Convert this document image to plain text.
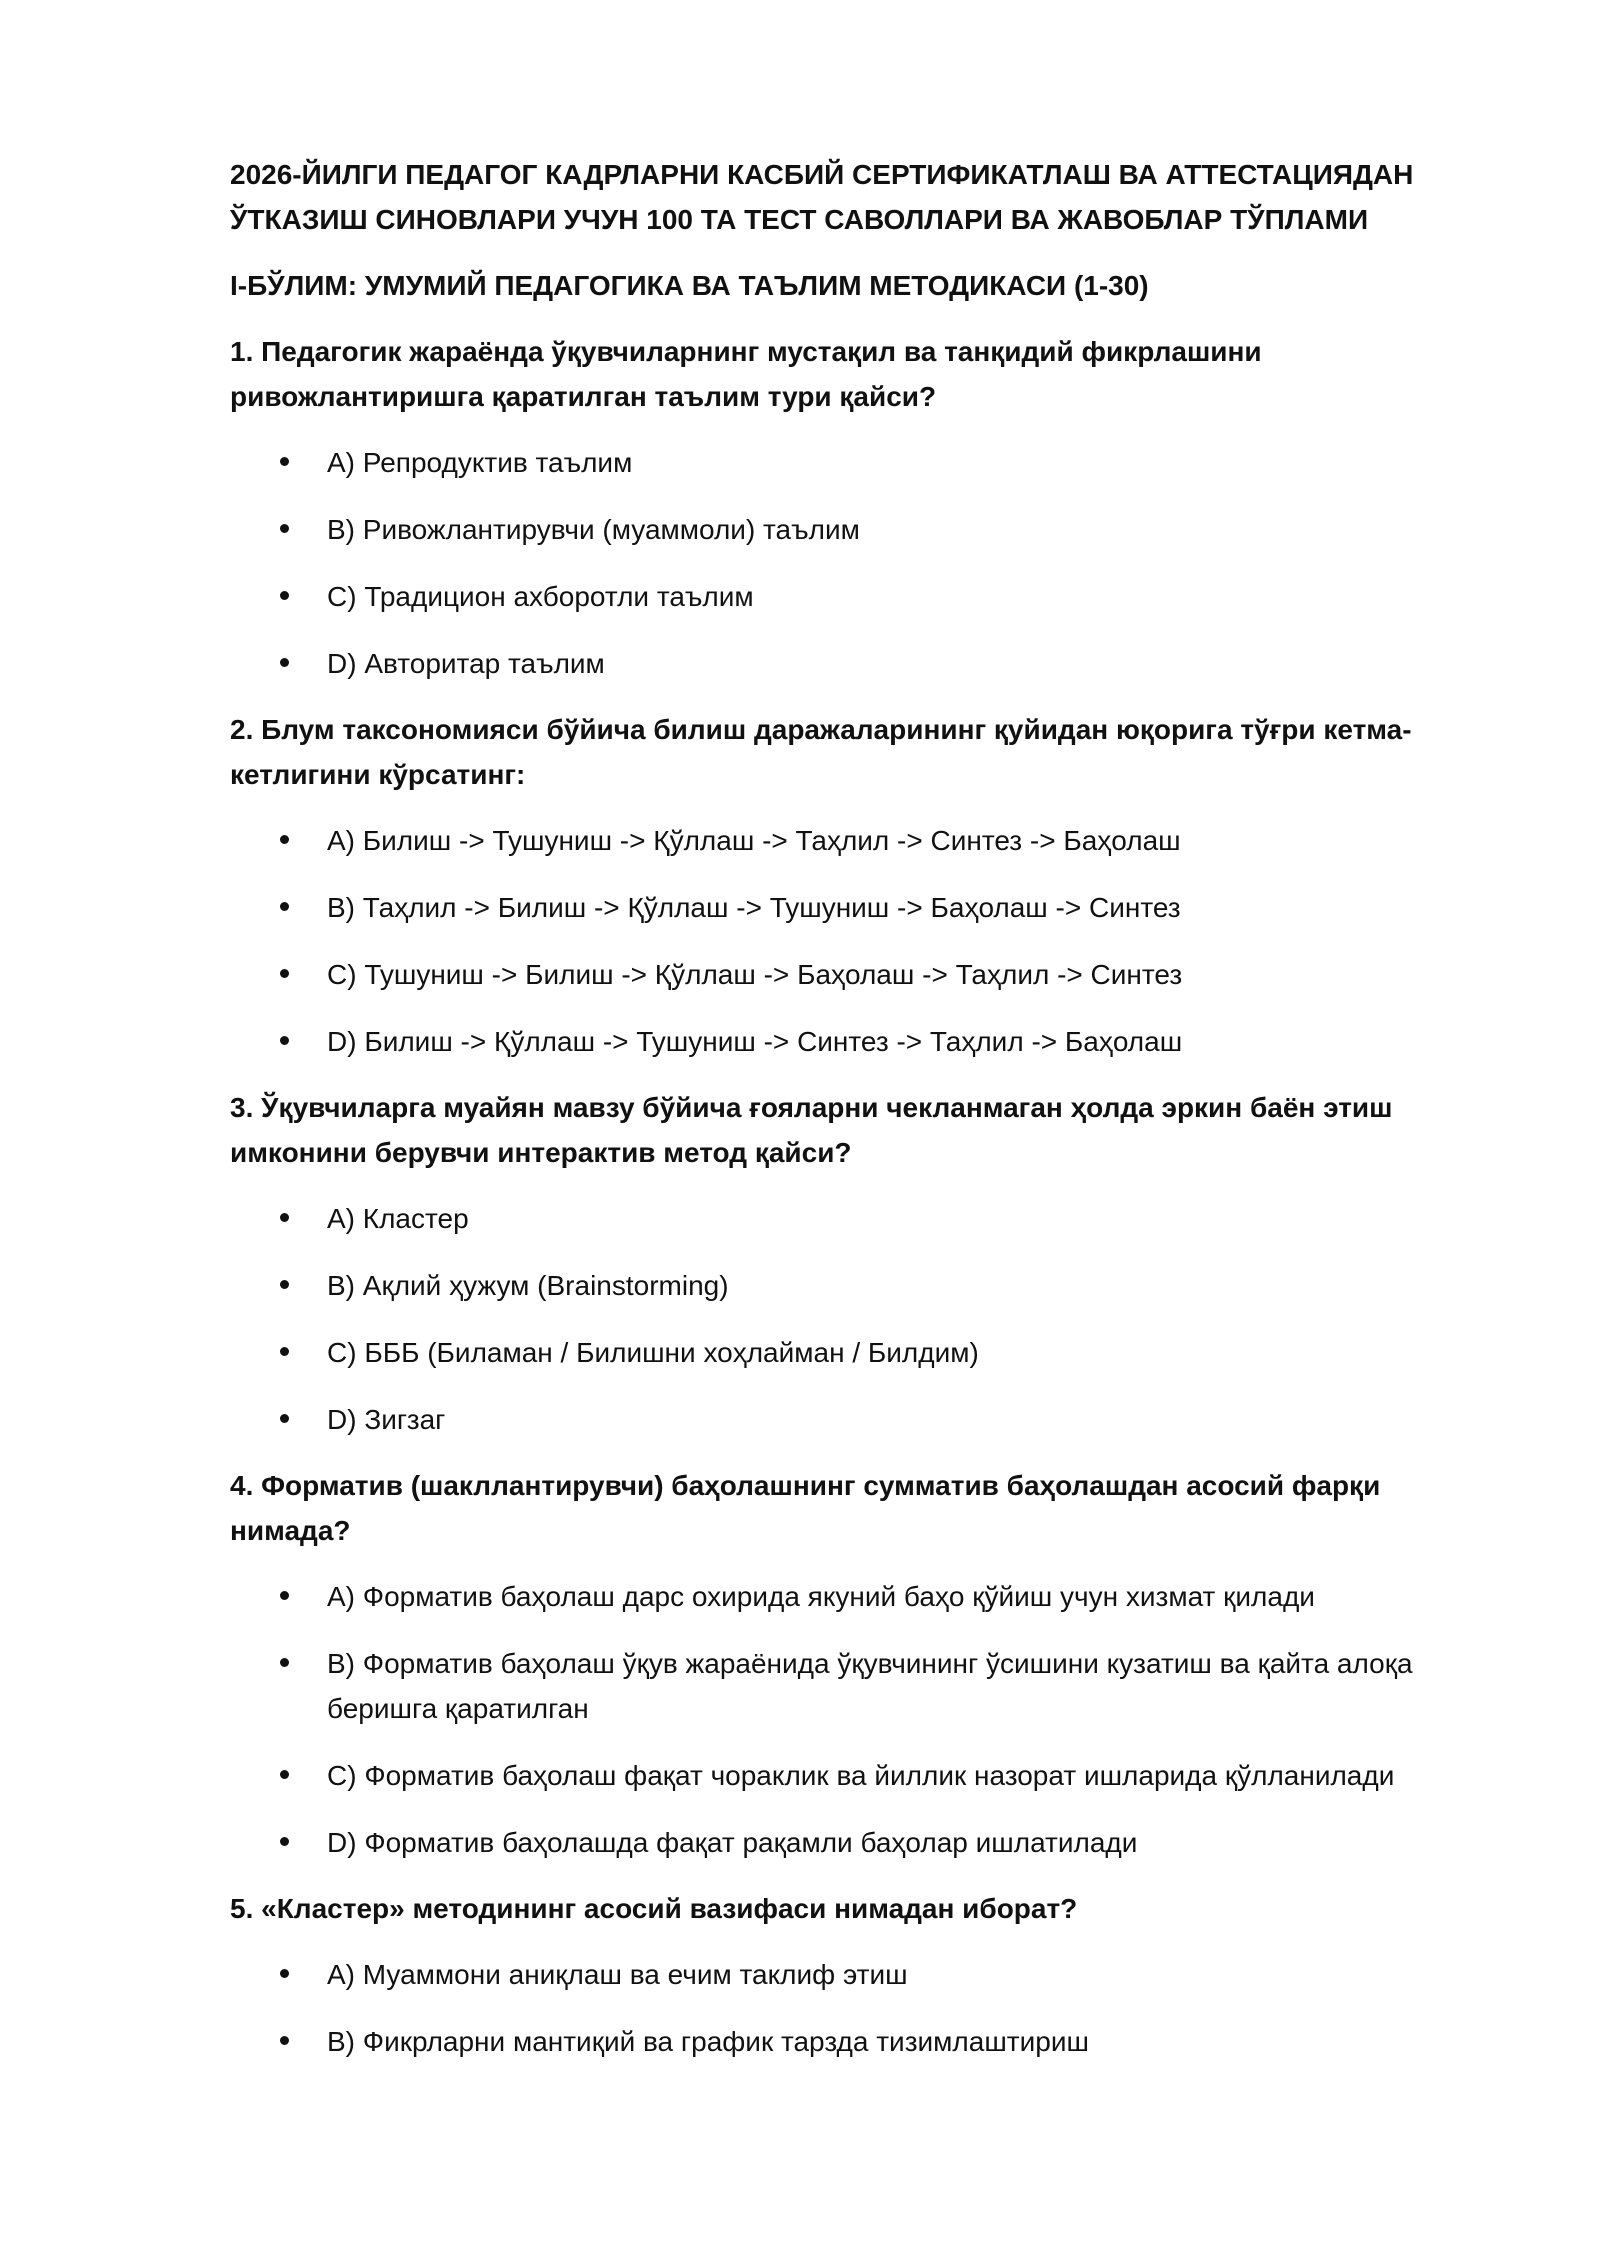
2026-ЙИЛГИ ПЕДАГОГ КАДРЛАРНИ КАСБИЙ СЕРТИФИКАТЛАШ ВА АТТЕСТАЦИЯДАН ЎТКАЗИШ СИНОВЛАРИ УЧУН 100 ТА ТЕСТ САВОЛЛАРИ ВА ЖАВОБЛАР ТЎПЛАМИ
I-БЎЛИМ: УМУМИЙ ПЕДАГОГИКА ВА ТАЪЛИМ МЕТОДИКАСИ (1-30)
1. Педагогик жараёнда ўқувчиларнинг мустақил ва танқидий фикрлашини ривожлантиришга қаратилган таълим тури қайси?
A) Репродуктив таълим
B) Ривожлантирувчи (муаммоли) таълим
C) Традицион ахборотли таълим
D) Авторитар таълим
2. Блум таксономияси бўйича билиш даражаларининг қуйидан юқорига тўғри кетма-кетлигини кўрсатинг:
A) Билиш -> Тушуниш -> Қўллаш -> Таҳлил -> Синтез -> Баҳолаш
B) Таҳлил -> Билиш -> Қўллаш -> Тушуниш -> Баҳолаш -> Синтез
C) Тушуниш -> Билиш -> Қўллаш -> Баҳолаш -> Таҳлил -> Синтез
D) Билиш -> Қўллаш -> Тушуниш -> Синтез -> Таҳлил -> Баҳолаш
3. Ўқувчиларга муайян мавзу бўйича ғояларни чекланмаган ҳолда эркин баён этиш имконини берувчи интерактив метод қайси?
A) Кластер
B) Ақлий ҳужум (Brainstorming)
C) БББ (Биламан / Билишни хоҳлайман / Билдим)
D) Зигзаг
4. Форматив (шакллантирувчи) баҳолашнинг cумматив баҳолашдан асосий фарқи нимада?
A) Форматив баҳолаш дарс охирида якуний баҳо қўйиш учун хизмат қилади
B) Форматив баҳолаш ўқув жараёнида ўқувчининг ўсишини кузатиш ва қайта алоқа беришга қаратилган
C) Форматив баҳолаш фақат чораклик ва йиллик назорат ишларида қўлланилади
D) Форматив баҳолашда фақат рақамли баҳолар ишлатилади
5. «Кластер» методининг асосий вазифаси нимадан иборат?
A) Муаммони аниқлаш ва ечим таклиф этиш
B) Фикрларни мантиқий ва график тарзда тизимлаштириш
